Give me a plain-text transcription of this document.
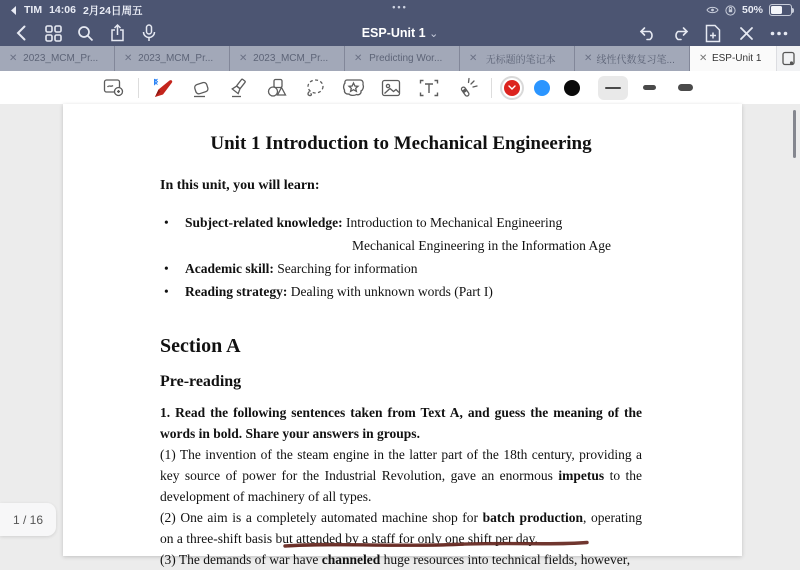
TIM 14:06 2月24日周五	•••	50%
ESP-Unit 1 ⌄
✕ 2023_MCM_Pr...	✕ 2023_MCM_Pr...	✕ 2023_MCM_Pr...	✕ Predicting Wor...	✕ 无标题的笔记本	✕ 线性代数复习笔...	✕ ESP-Unit 1
Unit 1 Introduction to Mechanical Engineering

In this unit, you will learn:

• Subject-related knowledge: Introduction to Mechanical Engineering
Mechanical Engineering in the Information Age
• Academic skill: Searching for information
• Reading strategy: Dealing with unknown words (Part I)
Section A
Pre-reading

1. Read the following sentences taken from Text A, and guess the meaning of the words in bold. Share your answers in groups.

(1) The invention of the steam engine in the latter part of the 18th century, providing a key source of power for the Industrial Revolution, gave an enormous impetus to the development of machinery of all types.

(2) One aim is a completely automated machine shop for batch production, operating on a three-shift basis but attended by a staff for only one shift per day.

(3) The demands of war have channeled huge resources into technical fields, however,

1 / 16
